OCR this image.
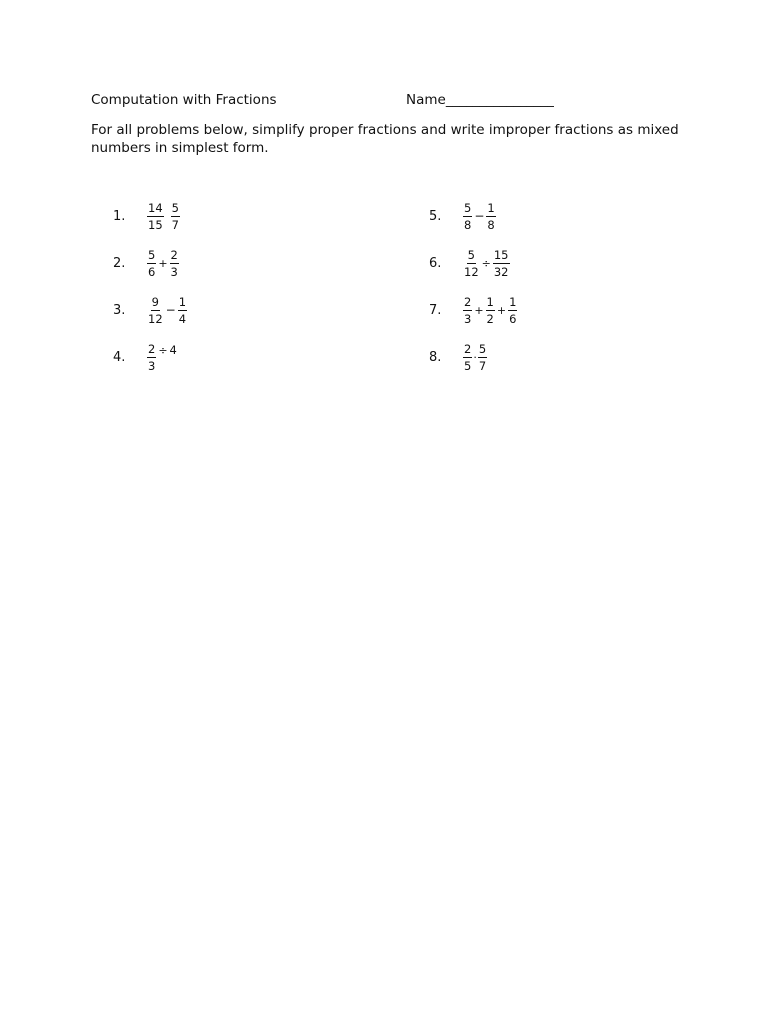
Computation with Fractions	Name________________
For all problems below, simplify proper fractions and write improper fractions as mixed numbers in simplest form.
1. $\frac{14}{15} \frac{5}{7}$
2. $\frac{5}{6} + \frac{2}{3}$
3. $\frac{9}{12} - \frac{1}{4}$
4. $\frac{2}{3} \div 4$
5. $\frac{5}{8} - \frac{1}{8}$
6. $\frac{5}{12} \div \frac{15}{32}$
7. $\frac{2}{3} + \frac{1}{2} + \frac{1}{6}$
8. $\frac{2}{5} \cdot \frac{5}{7}$
